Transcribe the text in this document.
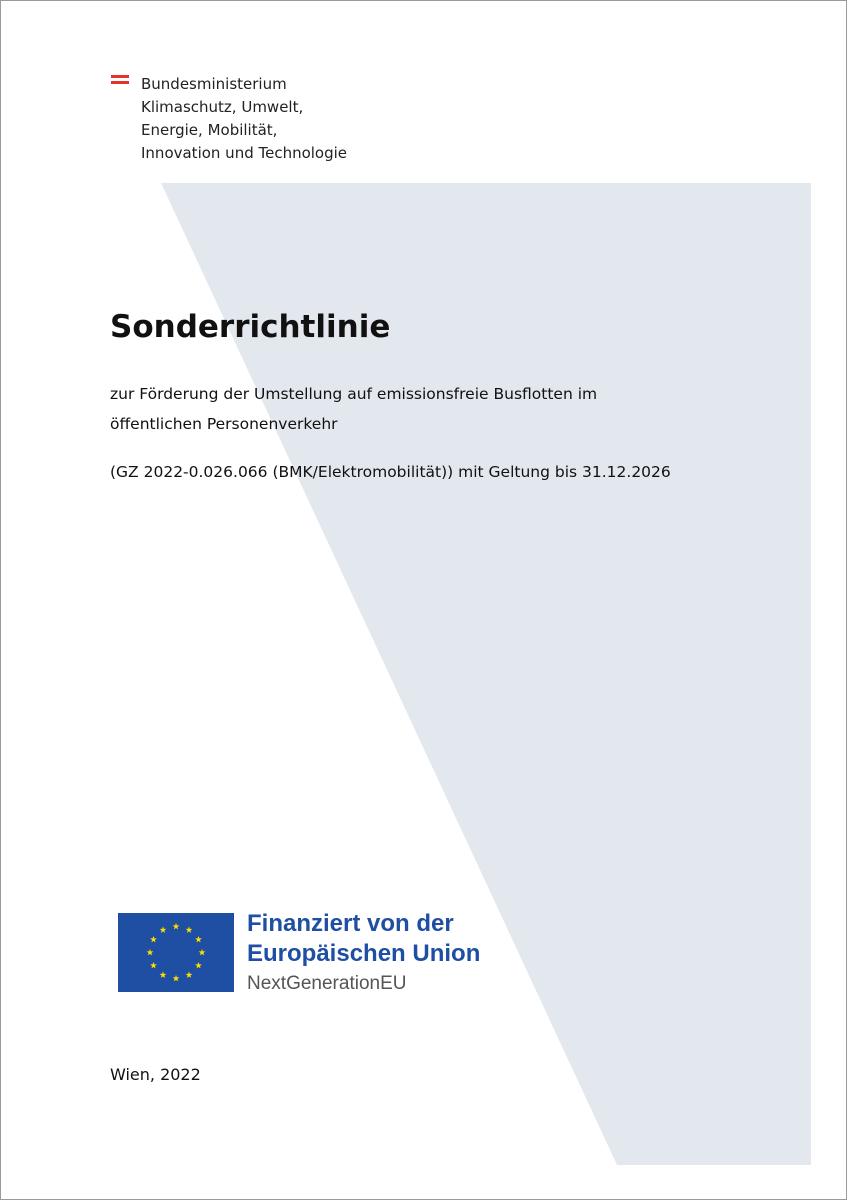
Bundesministerium
Klimaschutz, Umwelt,
Energie, Mobilität,
Innovation und Technologie
Sonderrichtlinie
zur Förderung der Umstellung auf emissionsfreie Busflotten im
öffentlichen Personenverkehr
(GZ 2022-0.026.066 (BMK/Elektromobilität)) mit Geltung bis 31.12.2026
Finanziert von der
Europäischen Union
NextGenerationEU
Wien, 2022
